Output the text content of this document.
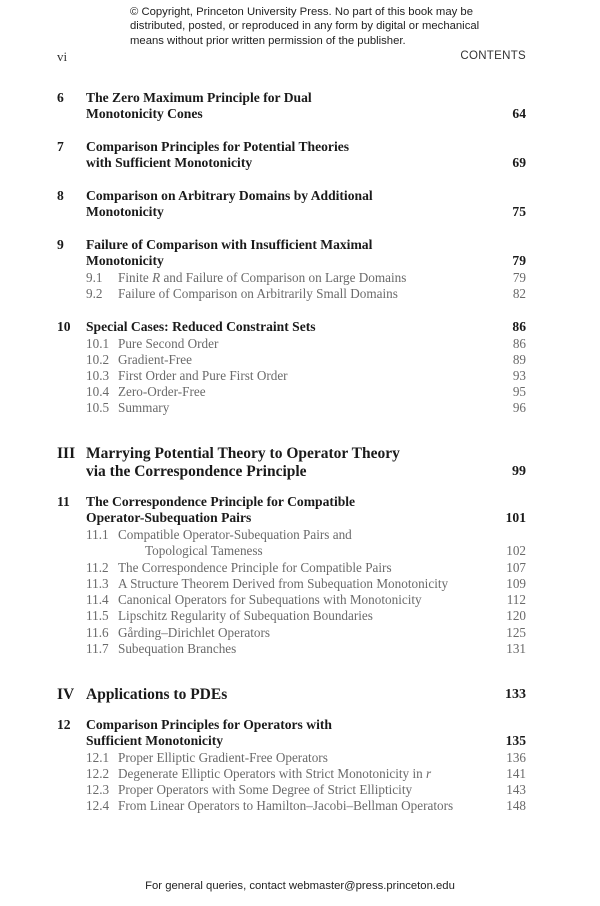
© Copyright, Princeton University Press. No part of this book may be
distributed, posted, or reproduced in any form by digital or mechanical
means without prior written permission of the publisher.
vi	CONTENTS
6	The Zero Maximum Principle for Dual
Monotonicity Cones	64
7	Comparison Principles for Potential Theories
with Sufficient Monotonicity	69
8	Comparison on Arbitrary Domains by Additional
Monotonicity	75
9	Failure of Comparison with Insufficient Maximal
Monotonicity	79
9.1 Finite R and Failure of Comparison on Large Domains	79
9.2 Failure of Comparison on Arbitrarily Small Domains	82
10	Special Cases: Reduced Constraint Sets	86
10.1 Pure Second Order	86
10.2 Gradient-Free	89
10.3 First Order and Pure First Order	93
10.4 Zero-Order-Free	95
10.5 Summary	96
III Marrying Potential Theory to Operator Theory
via the Correspondence Principle	99
11	The Correspondence Principle for Compatible
Operator-Subequation Pairs	101
11.1 Compatible Operator-Subequation Pairs and
Topological Tameness	102
11.2 The Correspondence Principle for Compatible Pairs	107
11.3 A Structure Theorem Derived from Subequation Monotonicity	109
11.4 Canonical Operators for Subequations with Monotonicity	112
11.5 Lipschitz Regularity of Subequation Boundaries	120
11.6 Gårding–Dirichlet Operators	125
11.7 Subequation Branches	131
IV Applications to PDEs	133
12	Comparison Principles for Operators with
Sufficient Monotonicity	135
12.1 Proper Elliptic Gradient-Free Operators	136
12.2 Degenerate Elliptic Operators with Strict Monotonicity in r	141
12.3 Proper Operators with Some Degree of Strict Ellipticity	143
12.4 From Linear Operators to Hamilton–Jacobi–Bellman Operators	148
For general queries, contact webmaster@press.princeton.edu
